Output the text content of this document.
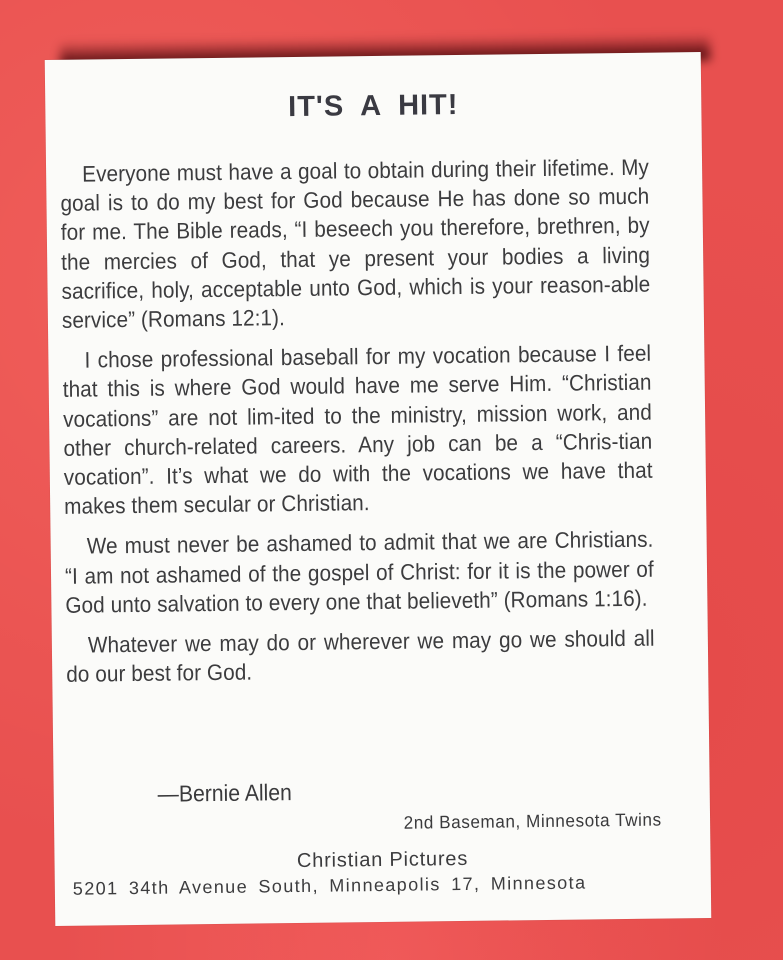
IT'S A HIT!

Everyone must have a goal to obtain during their lifetime. My goal is to do my best for God because He has done so much for me. The Bible reads, “I beseech you therefore, brethren, by the mercies of God, that ye present your bodies a living sacrifice, holy, acceptable unto God, which is your reason-able service” (Romans 12:1).

I chose professional baseball for my vocation because I feel that this is where God would have me serve Him. “Christian vocations” are not lim-ited to the ministry, mission work, and other church-related careers. Any job can be a “Chris-tian vocation”. It’s what we do with the vocations we have that makes them secular or Christian.

We must never be ashamed to admit that we are Christians. “I am not ashamed of the gospel of Christ: for it is the power of God unto salvation to every one that believeth” (Romans 1:16).

Whatever we may do or wherever we may go we should all do our best for God.

—Bernie Allen
2nd Baseman, Minnesota Twins
Christian Pictures
5201 34th Avenue South, Minneapolis 17, Minnesota
